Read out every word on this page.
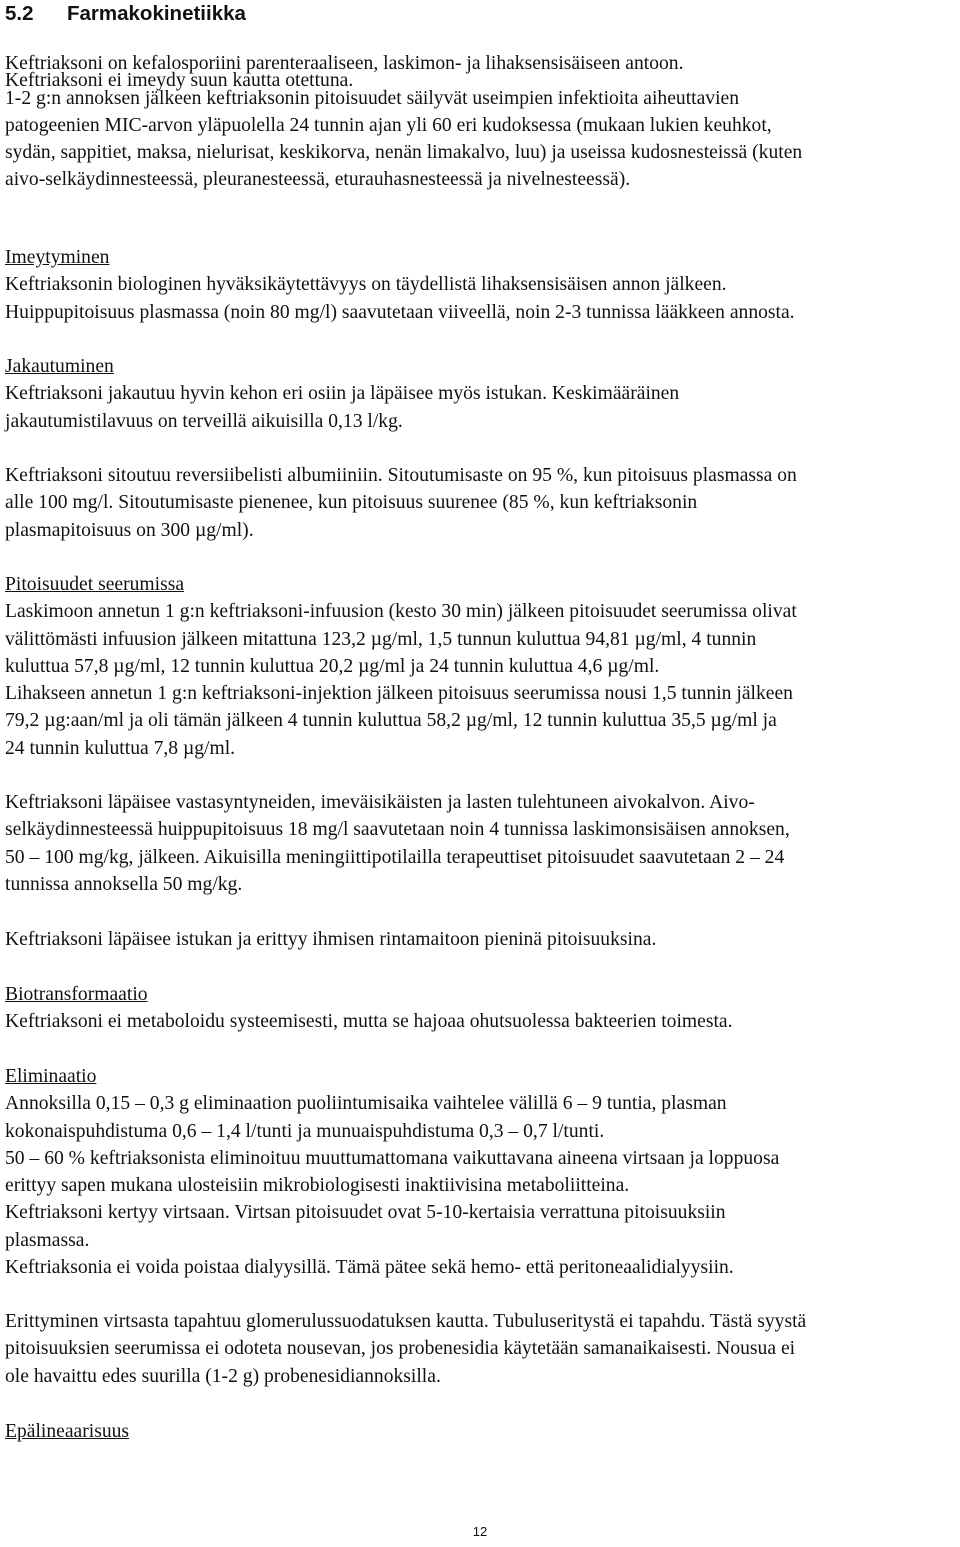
5.2 Farmakokinetiikka
Keftriaksoni on kefalosporiini parenteraaliseen, laskimon- ja lihaksensisäiseen antoon.
Keftriaksoni ei imeydy suun kautta otettuna.
1-2 g:n annoksen jälkeen keftriaksonin pitoisuudet säilyvät useimpien infektioita aiheuttavien
patogeenien MIC-arvon yläpuolella 24 tunnin ajan yli 60 eri kudoksessa (mukaan lukien keuhkot,
sydän, sappitiet, maksa, nielurisat, keskikorva, nenän limakalvo, luu) ja useissa kudosnesteissä (kuten
aivo-selkäydinnesteessä, pleuranesteessä, eturauhasnesteessä ja nivelnesteessä).
Imeytyminen
Keftriaksonin biologinen hyväksikäytettävyys on täydellistä lihaksensisäisen annon jälkeen.
Huippupitoisuus plasmassa (noin 80 mg/l) saavutetaan viiveellä, noin 2-3 tunnissa lääkkeen annosta.
Jakautuminen
Keftriaksoni jakautuu hyvin kehon eri osiin ja läpäisee myös istukan. Keskimääräinen
jakautumistilavuus on terveillä aikuisilla 0,13 l/kg.
Keftriaksoni sitoutuu reversiibelisti albumiiniin. Sitoutumisaste on 95 %, kun pitoisuus plasmassa on
alle 100 mg/l. Sitoutumisaste pienenee, kun pitoisuus suurenee (85 %, kun keftriaksonin
plasmapitoisuus on 300 µg/ml).
Pitoisuudet seerumissa
Laskimoon annetun 1 g:n keftriaksoni-infuusion (kesto 30 min) jälkeen pitoisuudet seerumissa olivat
välittömästi infuusion jälkeen mitattuna 123,2 µg/ml, 1,5 tunnun kuluttua 94,81 µg/ml, 4 tunnin
kuluttua 57,8 µg/ml, 12 tunnin kuluttua 20,2 µg/ml ja 24 tunnin kuluttua 4,6 µg/ml.
Lihakseen annetun 1 g:n keftriaksoni-injektion jälkeen pitoisuus seerumissa nousi 1,5 tunnin jälkeen
79,2 µg:aan/ml ja oli tämän jälkeen 4 tunnin kuluttua 58,2 µg/ml, 12 tunnin kuluttua 35,5 µg/ml ja
24 tunnin kuluttua 7,8 µg/ml.
Keftriaksoni läpäisee vastasyntyneiden, imeväisikäisten ja lasten tulehtuneen aivokalvon. Aivo-
selkäydinnesteessä huippupitoisuus 18 mg/l saavutetaan noin 4 tunnissa laskimonsisäisen annoksen,
50 – 100 mg/kg, jälkeen. Aikuisilla meningiittipotilailla terapeuttiset pitoisuudet saavutetaan 2 – 24
tunnissa annoksella 50 mg/kg.
Keftriaksoni läpäisee istukan ja erittyy ihmisen rintamaitoon pieninä pitoisuuksina.
Biotransformaatio
Keftriaksoni ei metaboloidu systeemisesti, mutta se hajoaa ohutsuolessa bakteerien toimesta.
Eliminaatio
Annoksilla 0,15 – 0,3 g eliminaation puoliintumisaika vaihtelee välillä 6 – 9 tuntia, plasman
kokonaispuhdistuma 0,6 – 1,4 l/tunti ja munuaispuhdistuma 0,3 – 0,7 l/tunti.
50 – 60 % keftriaksonista eliminoituu muuttumattomana vaikuttavana aineena virtsaan ja loppuosa
erittyy sapen mukana ulosteisiin mikrobiologisesti inaktiivisina metaboliitteina.
Keftriaksoni kertyy virtsaan. Virtsan pitoisuudet ovat 5-10-kertaisia verrattuna pitoisuuksiin
plasmassa.
Keftriaksonia ei voida poistaa dialyysillä. Tämä pätee sekä hemo- että peritoneaalidialyysiin.
Erittyminen virtsasta tapahtuu glomerulussuodatuksen kautta. Tubuluseritystä ei tapahdu. Tästä syystä
pitoisuuksien seerumissa ei odoteta nousevan, jos probenesidia käytetään samanaikaisesti. Nousua ei
ole havaittu edes suurilla (1-2 g) probenesidiannoksilla.
Epälineaarisuus
12
